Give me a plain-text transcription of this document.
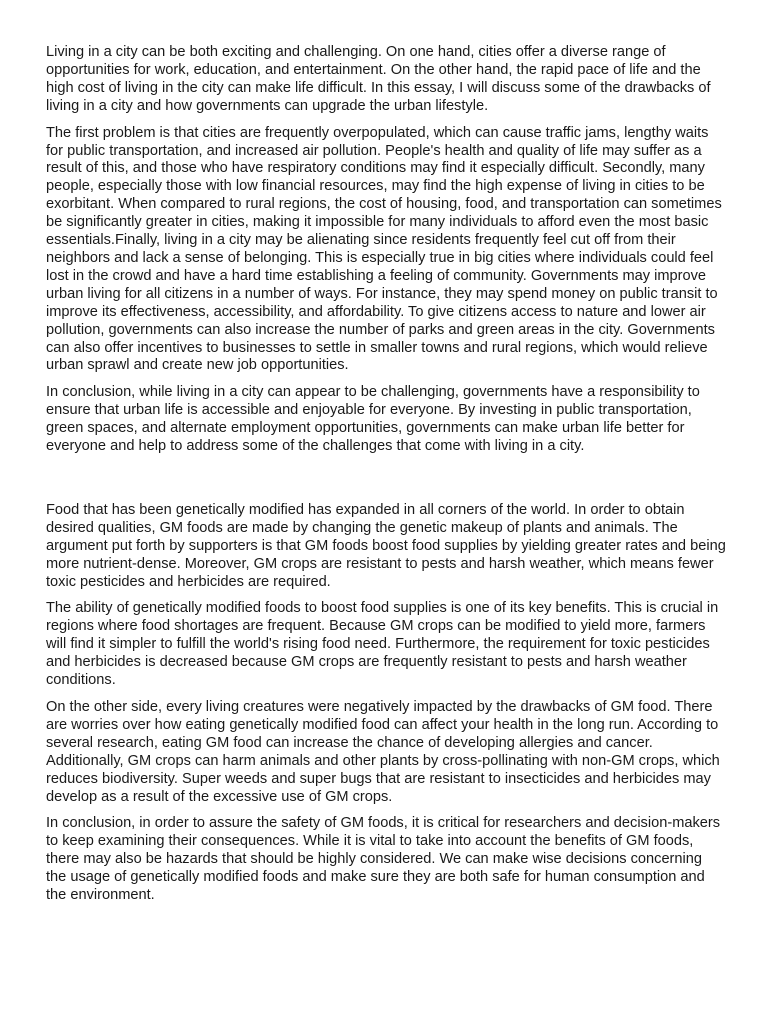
Living in a city can be both exciting and challenging. On one hand, cities offer a diverse range of opportunities for work, education, and entertainment. On the other hand, the rapid pace of life and the high cost of living in the city can make life difficult. In this essay, I will discuss some of the drawbacks of living in a city and how governments can upgrade the urban lifestyle.

The first problem is that cities are frequently overpopulated, which can cause traffic jams, lengthy waits for public transportation, and increased air pollution. People's health and quality of life may suffer as a result of this, and those who have respiratory conditions may find it especially difficult. Secondly, many people, especially those with low financial resources, may find the high expense of living in cities to be exorbitant. When compared to rural regions, the cost of housing, food, and transportation can sometimes be significantly greater in cities, making it impossible for many individuals to afford even the most basic essentials.Finally, living in a city may be alienating since residents frequently feel cut off from their neighbors and lack a sense of belonging. This is especially true in big cities where individuals could feel lost in the crowd and have a hard time establishing a feeling of community. Governments may improve urban living for all citizens in a number of ways. For instance, they may spend money on public transit to improve its effectiveness, accessibility, and affordability. To give citizens access to nature and lower air pollution, governments can also increase the number of parks and green areas in the city. Governments can also offer incentives to businesses to settle in smaller towns and rural regions, which would relieve urban sprawl and create new job opportunities.

In conclusion, while living in a city can appear to be challenging, governments have a responsibility to ensure that urban life is accessible and enjoyable for everyone. By investing in public transportation, green spaces, and alternate employment opportunities, governments can make urban life better for everyone and help to address some of the challenges that come with living in a city.

Food that has been genetically modified has expanded in all corners of the world. In order to obtain desired qualities, GM foods are made by changing the genetic makeup of plants and animals. The argument put forth by supporters is that GM foods boost food supplies by yielding greater rates and being more nutrient-dense. Moreover, GM crops are resistant to pests and harsh weather, which means fewer toxic pesticides and herbicides are required.

The ability of genetically modified foods to boost food supplies is one of its key benefits. This is crucial in regions where food shortages are frequent. Because GM crops can be modified to yield more, farmers will find it simpler to fulfill the world's rising food need. Furthermore, the requirement for toxic pesticides and herbicides is decreased because GM crops are frequently resistant to pests and harsh weather conditions.

On the other side, every living creatures were negatively impacted by the drawbacks of GM food. There are worries over how eating genetically modified food can affect your health in the long run. According to several research, eating GM food can increase the chance of developing allergies and cancer. Additionally, GM crops can harm animals and other plants by cross-pollinating with non-GM crops, which reduces biodiversity. Super weeds and super bugs that are resistant to insecticides and herbicides may develop as a result of the excessive use of GM crops.

In conclusion, in order to assure the safety of GM foods, it is critical for researchers and decision-makers to keep examining their consequences. While it is vital to take into account the benefits of GM foods, there may also be hazards that should be highly considered. We can make wise decisions concerning the usage of genetically modified foods and make sure they are both safe for human consumption and the environment.
